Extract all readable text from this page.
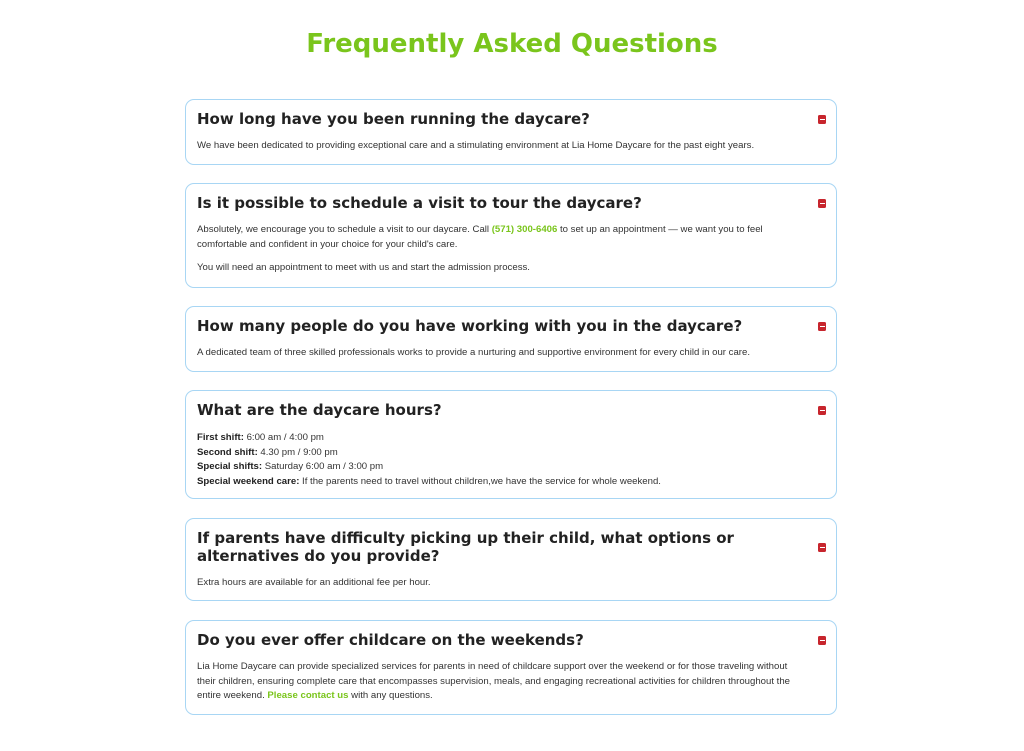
Frequently Asked Questions
How long have you been running the daycare?

We have been dedicated to providing exceptional care and a stimulating environment at Lia Home Daycare for the past eight years.

Is it possible to schedule a visit to tour the daycare?

Absolutely, we encourage you to schedule a visit to our daycare. Call (571) 300-6406 to set up an appointment — we want you to feel comfortable and confident in your choice for your child's care.

You will need an appointment to meet with us and start the admission process.

How many people do you have working with you in the daycare?

A dedicated team of three skilled professionals works to provide a nurturing and supportive environment for every child in our care.

What are the daycare hours?
First shift: 6:00 am / 4:00 pm
Second shift: 4.30 pm / 9:00 pm
Special shifts: Saturday 6:00 am / 3:00 pm
Special weekend care: If the parents need to travel without children,we have the service for whole weekend.
If parents have difficulty picking up their child, what options or
alternatives do you provide?

Extra hours are available for an additional fee per hour.

Do you ever offer childcare on the weekends?

Lia Home Daycare can provide specialized services for parents in need of childcare support over the weekend or for those traveling without their children, ensuring complete care that encompasses supervision, meals, and engaging recreational activities for children throughout the entire weekend. Please contact us with any questions.
